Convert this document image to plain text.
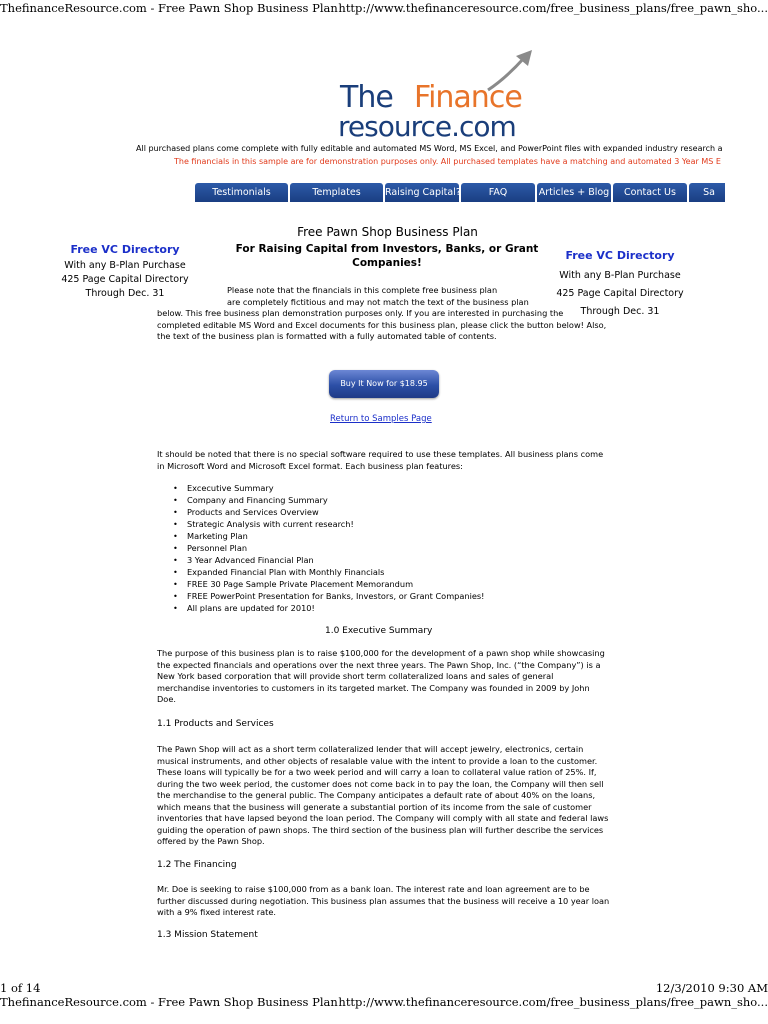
ThefinanceResource.com - Free Pawn Shop Business Plan http://www.thefinanceresource.com/free_business_plans/free_pawn_sho...
The Finance
resource.com
All purchased plans come complete with fully editable and automated MS Word, MS Excel, and PowerPoint files with expanded industry research a
The financials in this sample are for demonstration purposes only. All purchased templates have a matching and automated 3 Year MS E
Testimonials	Templates	Raising Capital?	FAQ	Articles + Blog	Contact Us	Sa
Free VC Directory
With any B-Plan Purchase
425 Page Capital Directory
Through Dec. 31
Free VC Directory
With any B-Plan Purchase
425 Page Capital Directory
Through Dec. 31
Free Pawn Shop Business Plan
For Raising Capital from Investors, Banks, or Grant Companies!
Please note that the financials in this complete free business plan
are completely fictitious and may not match the text of the business plan
below. This free business plan demonstration purposes only. If you are interested in purchasing the completed editable MS Word and Excel documents for this business plan, please click the button below! Also, the text of the business plan is formatted with a fully automated table of contents.
Buy It Now for $18.95
Return to Samples Page
It should be noted that there is no special software required to use these templates. All business plans come in Microsoft Word and Microsoft Excel format. Each business plan features:
• Excecutive Summary
• Company and Financing Summary
• Products and Services Overview
• Strategic Analysis with current research!
• Marketing Plan
• Personnel Plan
• 3 Year Advanced Financial Plan
• Expanded Financial Plan with Monthly Financials
• FREE 30 Page Sample Private Placement Memorandum
• FREE PowerPoint Presentation for Banks, Investors, or Grant Companies!
• All plans are updated for 2010!
1.0 Executive Summary
The purpose of this business plan is to raise $100,000 for the development of a pawn shop while showcasing the expected financials and operations over the next three years. The Pawn Shop, Inc. (“the Company”) is a New York based corporation that will provide short term collateralized loans and sales of general merchandise inventories to customers in its targeted market. The Company was founded in 2009 by John Doe.
1.1 Products and Services
The Pawn Shop will act as a short term collateralized lender that will accept jewelry, electronics, certain musical instruments, and other objects of resalable value with the intent to provide a loan to the customer. These loans will typically be for a two week period and will carry a loan to collateral value ration of 25%. If, during the two week period, the customer does not come back in to pay the loan, the Company will then sell the merchandise to the general public. The Company anticipates a default rate of about 40% on the loans, which means that the business will generate a substantial portion of its income from the sale of customer inventories that have lapsed beyond the loan period. The Company will comply with all state and federal laws guiding the operation of pawn shops. The third section of the business plan will further describe the services offered by the Pawn Shop.
1.2 The Financing
Mr. Doe is seeking to raise $100,000 from as a bank loan. The interest rate and loan agreement are to be further discussed during negotiation. This business plan assumes that the business will receive a 10 year loan with a 9% fixed interest rate.
1.3 Mission Statement
1 of 14	12/3/2010 9:30 AM
ThefinanceResource.com - Free Pawn Shop Business Plan http://www.thefinanceresource.com/free_business_plans/free_pawn_sho...
